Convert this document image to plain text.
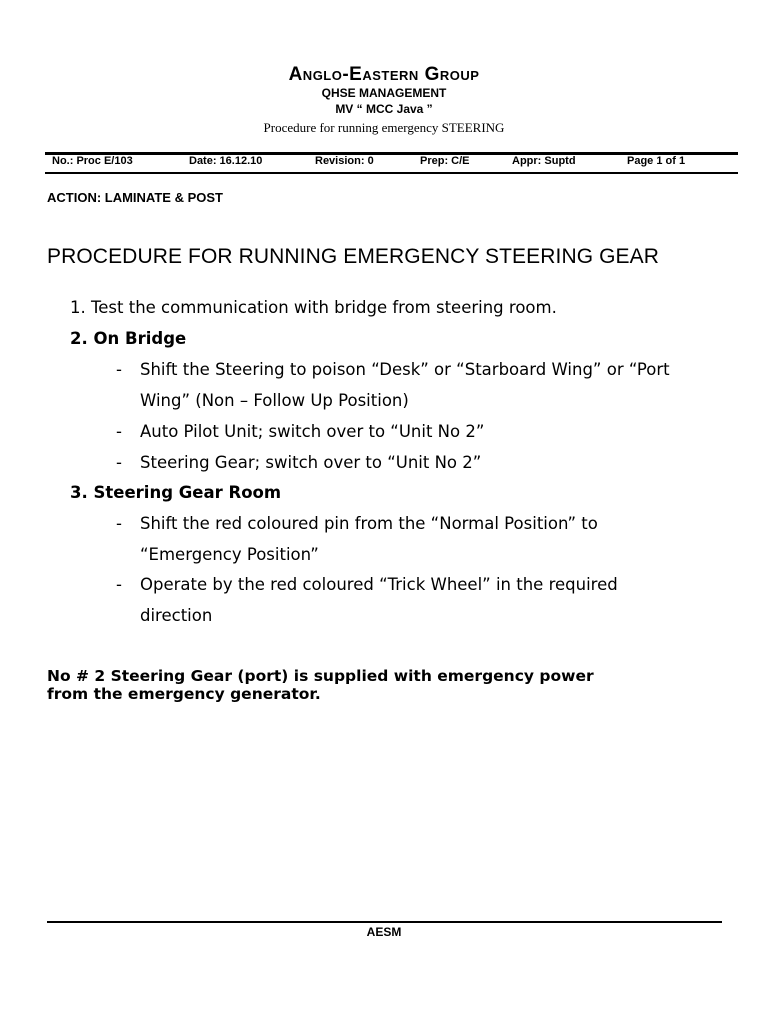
Anglo-Eastern Group
QHSE MANAGEMENT
MV “ MCC Java ”
Procedure for running emergency STEERING
No.: Proc E/103	Date: 16.12.10	Revision: 0	Prep: C/E	Appr: Suptd	Page 1 of 1
ACTION: LAMINATE & POST
PROCEDURE FOR RUNNING EMERGENCY STEERING GEAR
1. Test the communication with bridge from steering room.
2. On Bridge
- Shift the Steering to poison “Desk” or “Starboard Wing” or “Port
Wing” (Non – Follow Up Position)
- Auto Pilot Unit; switch over to “Unit No 2”
- Steering Gear; switch over to “Unit No 2”
3. Steering Gear Room
- Shift the red coloured pin from the “Normal Position” to
“Emergency Position”
- Operate by the red coloured “Trick Wheel” in the required
direction
No # 2 Steering Gear (port) is supplied with emergency power
from the emergency generator.
AESM
